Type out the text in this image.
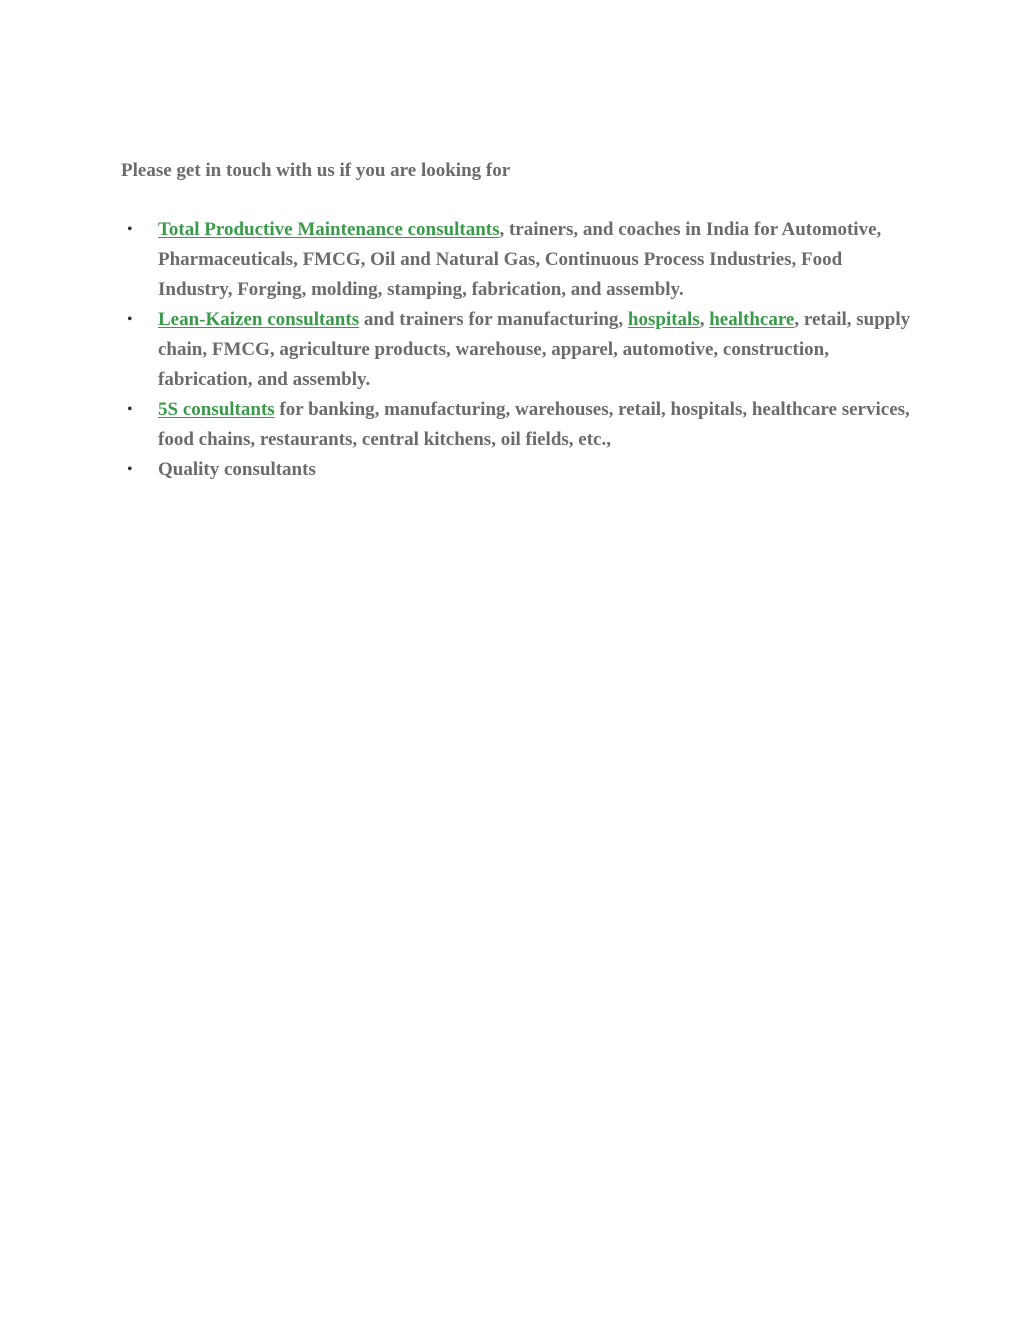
Please get in touch with us if you are looking for

• Total Productive Maintenance consultants, trainers, and coaches in India for Automotive, Pharmaceuticals, FMCG, Oil and Natural Gas, Continuous Process Industries, Food Industry, Forging, molding, stamping, fabrication, and assembly.
• Lean-Kaizen consultants and trainers for manufacturing, hospitals, healthcare, retail, supply chain, FMCG, agriculture products, warehouse, apparel, automotive, construction, fabrication, and assembly.
• 5S consultants for banking, manufacturing, warehouses, retail, hospitals, healthcare services, food chains, restaurants, central kitchens, oil fields, etc.,
• Quality consultants
